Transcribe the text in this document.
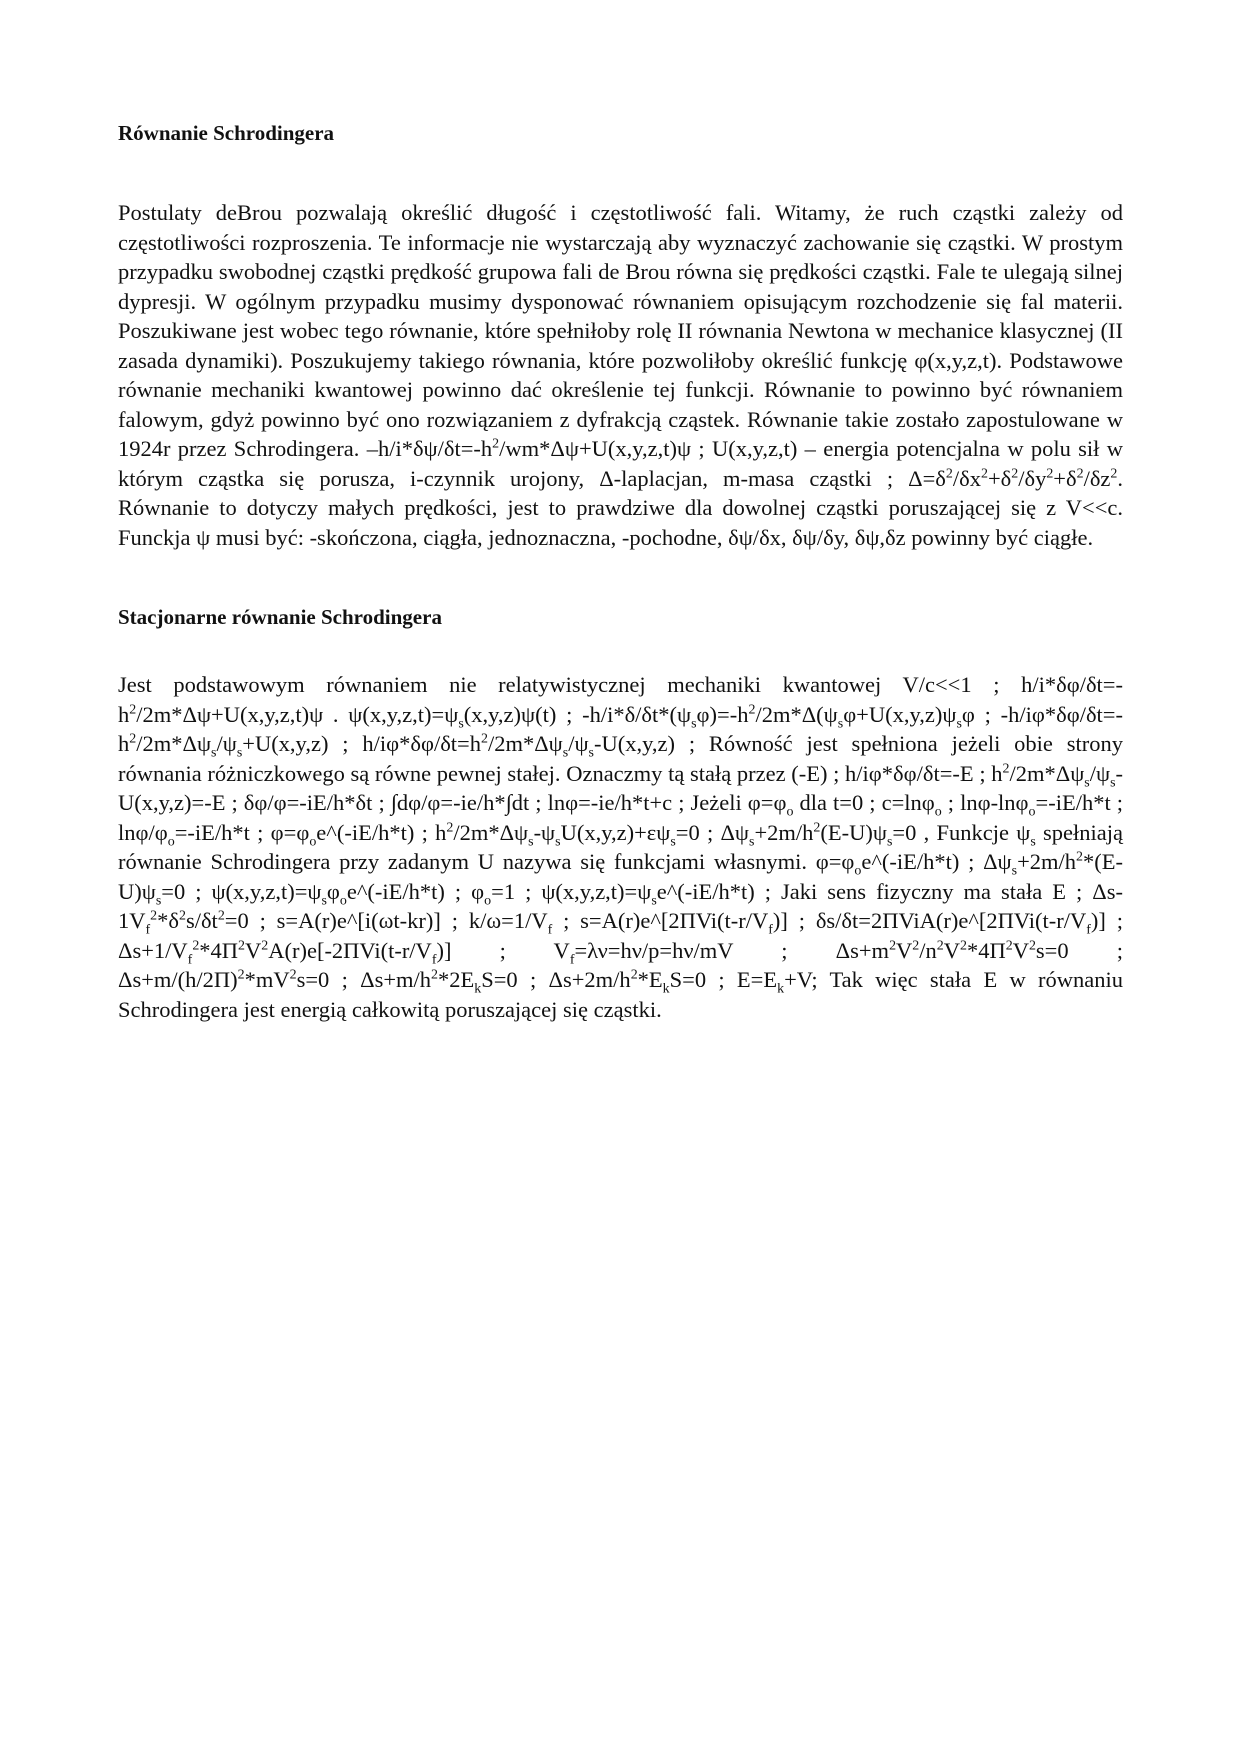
Równanie Schrodingera

Postulaty deBrou pozwalają określić długość i częstotliwość fali. Witamy, że ruch cząstki zależy od częstotliwości rozproszenia. Te informacje nie wystarczają aby wyznaczyć zachowanie się cząstki. W prostym przypadku swobodnej cząstki prędkość grupowa fali de Brou równa się prędkości cząstki. Fale te ulegają silnej dypresji. W ogólnym przypadku musimy dysponować równaniem opisującym rozchodzenie się fal materii. Poszukiwane jest wobec tego równanie, które spełniłoby rolę II równania Newtona w mechanice klasycznej (II zasada dynamiki). Poszukujemy takiego równania, które pozwoliłoby określić funkcję φ(x,y,z,t). Podstawowe równanie mechaniki kwantowej powinno dać określenie tej funkcji. Równanie to powinno być równaniem falowym, gdyż powinno być ono rozwiązaniem z dyfrakcją cząstek. Równanie takie zostało zapostulowane w 1924r przez Schrodingera. $-h/i*\delta\psi/\delta t=-h^2/wm*\Delta\psi+U(x,y,z,t)\psi$ ; U(x,y,z,t) – energia potencjalna w polu sił w którym cząstka się porusza, i-czynnik urojony, Δ-laplacjan, m-masa cząstki ; $\Delta=\delta^2/\delta x^2+\delta^2/\delta y^2+\delta^2/\delta z^2$. Równanie to dotyczy małych prędkości, jest to prawdziwe dla dowolnej cząstki poruszającej się z V<<c. Funckja ψ musi być: -skończona, ciągła, jednoznaczna, -pochodne, δψ/δx, δψ/δy, δψ,δz powinny być ciągłe.

Stacjonarne równanie Schrodingera

Jest podstawowym równaniem nie relatywistycznej mechaniki kwantowej V/c<<1 ; $h/i*\delta\varphi/\delta t=-h^2/2m*\Delta\psi+U(x,y,z,t)\psi$ . $\psi(x,y,z,t)=\psi_s(x,y,z)\psi(t)$ ; $-h/i*\delta/\delta t*(\psi_s\varphi)=-h^2/2m*\Delta(\psi_s\varphi+U(x,y,z)\psi_s\varphi$ ; $-h/i\varphi*\delta\varphi/\delta t=-h^2/2m*\Delta\psi_s/\psi_s+U(x,y,z)$ ; $h/i\varphi*\delta\varphi/\delta t=h^2/2m*\Delta\psi_s/\psi_s-U(x,y,z)$ ; Równość jest spełniona jeżeli obie strony równania różniczkowego są równe pewnej stałej. Oznaczmy tą stałą przez (-E) ; h/iφ*δφ/δt=-E ; $h^2/2m*\Delta\psi_s/\psi_s-U(x,y,z)=-E$ ; δφ/φ=-iE/h*δt ; ∫dφ/φ=-ie/h*∫dt ; lnφ=-ie/h*t+c ; Jeżeli $\varphi=\varphi_o$ dla t=0 ; c=lnφ$_o$ ; lnφ-lnφ$_o$=-iE/h*t ; lnφ/$\varphi_o=-iE/h*t$ ; $\varphi=\varphi_oe\^{}(-iE/h*t)$ ; $h^2/2m*\Delta\psi_s-\psi_sU(x,y,z)+\varepsilon\psi_s=0$ ; $\Delta\psi_s+2m/h^2(E-U)\psi_s=0$ , Funkcje $\psi_s$ spełniają równanie Schrodingera przy zadanym U nazywa się funkcjami własnymi. $\varphi=\varphi_oe\^{}(-iE/h*t)$ ; $\Delta\psi_s+2m/h^2*(E-U)\psi_s=0$ ; $\psi(x,y,z,t)=\psi_s\varphi_oe\^{}(-iE/h*t)$ ; $\varphi_o=1$ ; $\psi(x,y,z,t)=\psi_se\^{}(-iE/h*t)$ ; Jaki sens fizyczny ma stała E ; $\Delta s-1V_f^2*\delta^2s/\delta t^2=0$ ; s=A(r)e^[i(ωt-kr)] ; $k/\omega=1/V_f$ ; $s=A(r)e\^{}[2\Pi Vi(t-r/V_f)]$ ; $\delta s/\delta t=2\Pi ViA(r)e\^{}[2\Pi Vi(t-r/V_f)]$ ; $\Delta s+1/V_f^2*4\Pi^2V^2A(r)e[-2\Pi Vi(t-r/V_f)]$ ; $V_f=\lambda\nu=h\nu/p=h\nu/mV$ ; $\Delta s+m^2V^2/n^2V^2*4\Pi^2V^2s=0$ ; $\Delta s+m/(h/2\Pi)^2*mV^2s=0$ ; $\Delta s+m/h^2*2E_kS=0$ ; $\Delta s+2m/h^2*E_kS=0$ ; $E=E_k+V$; Tak więc stała E w równaniu Schrodingera jest energią całkowitą poruszającej się cząstki.
